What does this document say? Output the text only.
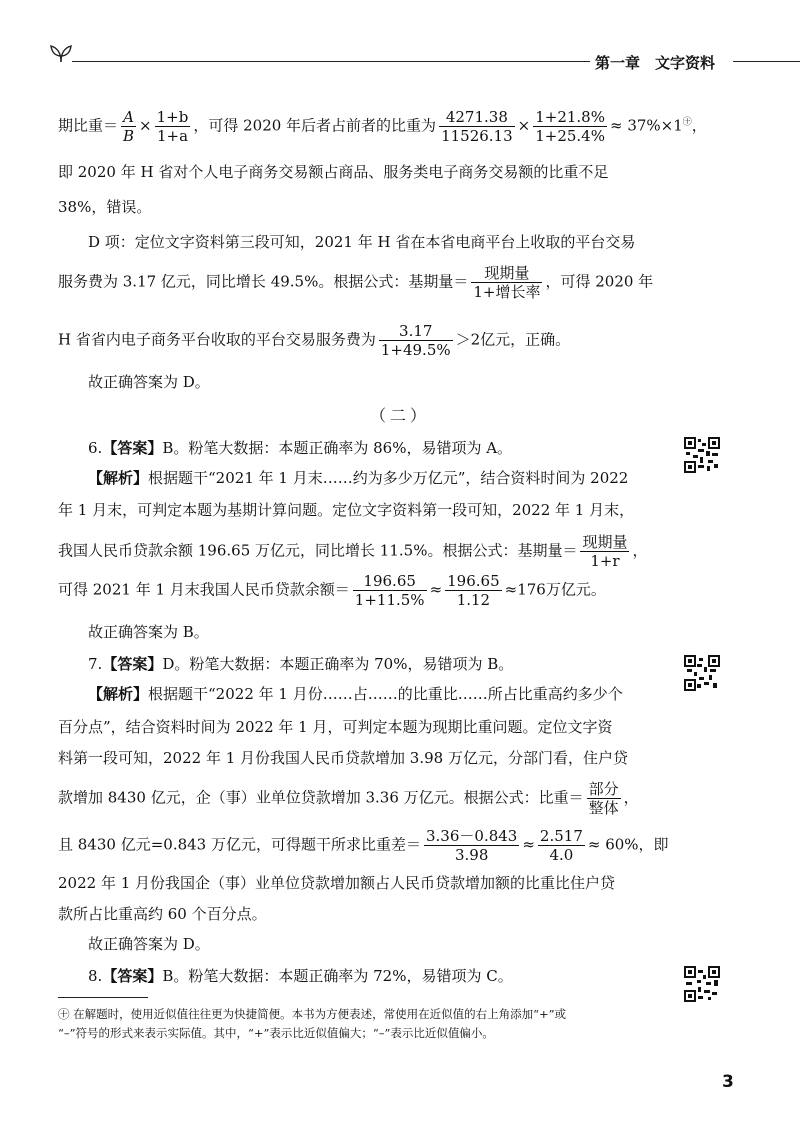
第一章　文字资料
期比重＝ $\frac{A}{B} \times \frac{1+b}{1+a}$ ，可得 2020 年后者占前者的比重为 $\frac{4271.38}{11526.13} \times \frac{1+21.8\%}{1+25.4\%} \approx 37\%\times 1^㊉$，
即 2020 年 H 省对个人电子商务交易额占商品、服务类电子商务交易额的比重不足
38%，错误。
D 项：定位文字资料第三段可知，2021 年 H 省在本省电商平台上收取的平台交易
服务费为 3.17 亿元，同比增长 49.5%。根据公式：基期量＝ $\frac{\text{现期量}}{\text{1+增长率}}$ ，可得 2020 年
H 省省内电子商务平台收取的平台交易服务费为 $\frac{3.17}{1+49.5\%} >2$亿元，正确。
故正确答案为 D。
（二）
6.【答案】B。粉笔大数据：本题正确率为 86%，易错项为 A。
【解析】根据题干“2021 年 1 月末……约为多少万亿元”，结合资料时间为 2022
年 1 月末，可判定本题为基期计算问题。定位文字资料第一段可知，2022 年 1 月末，
我国人民币贷款余额 196.65 万亿元，同比增长 11.5%。根据公式：基期量＝ $\frac{\text{现期量}}{1+r}$ ，
可得 2021 年 1 月末我国人民币贷款余额＝ $\frac{196.65}{1+11.5\%} \approx \frac{196.65}{1.12} \approx 176$万亿元。
故正确答案为 B。
7.【答案】D。粉笔大数据：本题正确率为 70%，易错项为 B。
【解析】根据题干“2022 年 1 月份……占……的比重比……所占比重高约多少个
百分点”，结合资料时间为 2022 年 1 月，可判定本题为现期比重问题。定位文字资
料第一段可知，2022 年 1 月份我国人民币贷款增加 3.98 万亿元，分部门看，住户贷
款增加 8430 亿元，企（事）业单位贷款增加 3.36 万亿元。根据公式：比重＝ $\frac{\text{部分}}{\text{整体}}$ ，
且 8430 亿元=0.843 万亿元，可得题干所求比重差＝ $\frac{3.36-0.843}{3.98} \approx \frac{2.517}{4.0} \approx 60\%$，即
2022 年 1 月份我国企（事）业单位贷款增加额占人民币贷款增加额的比重比住户贷
款所占比重高约 60 个百分点。
故正确答案为 D。
8.【答案】B。粉笔大数据：本题正确率为 72%，易错项为 C。
㊉ 在解题时，使用近似值往往更为快捷简便。本书为方便表述，常使用在近似值的右上角添加“+”或
“–”符号的形式来表示实际值。其中，“+”表示比近似值偏大；“–”表示比近似值偏小。
3
